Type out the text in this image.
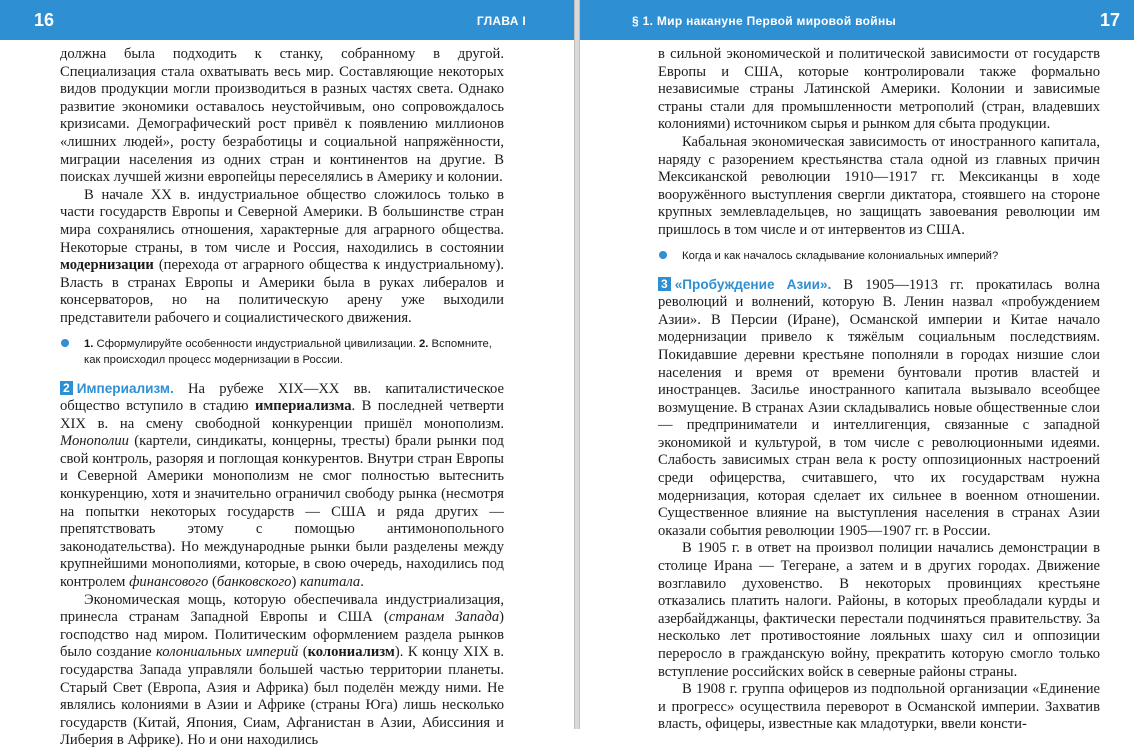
16	ГЛАВА I

должна была подходить к станку, собранному в другой. Специализация стала охватывать весь мир. Составляющие некоторых видов продукции могли производиться в разных частях света. Однако развитие экономики оставалось неустойчивым, оно сопровождалось кризисами. Демографический рост привёл к появлению миллионов «лишних людей», росту безработицы и социальной напряжённости, миграции населения из одних стран и континентов на другие. В поисках лучшей жизни европейцы переселялись в Америку и колонии.

В начале XX в. индустриальное общество сложилось только в части государств Европы и Северной Америки. В большинстве стран мира сохранялись отношения, характерные для аграрного общества. Некоторые страны, в том числе и Россия, находились в состоянии модернизации (перехода от аграрного общества к индустриальному). Власть в странах Европы и Америки была в руках либералов и консерваторов, но на политическую арену уже выходили представители рабочего и социалистического движения.

1. Сформулируйте особенности индустриальной цивилизации. 2. Вспомните, как происходил процесс модернизации в России.

2 Империализм. На рубеже XIX—XX вв. капиталистическое общество вступило в стадию империализма. В последней четверти XIX в. на смену свободной конкуренции пришёл монополизм. Монополии (картели, синдикаты, концерны, тресты) брали рынки под свой контроль, разоряя и поглощая конкурентов. Внутри стран Европы и Северной Америки монополизм не смог полностью вытеснить конкуренцию, хотя и значительно ограничил свободу рынка (несмотря на попытки некоторых государств — США и ряда других — препятствовать этому с помощью антимонопольного законодательства). Но международные рынки были разделены между крупнейшими монополиями, которые, в свою очередь, находились под контролем финансового (банковского) капитала.

Экономическая мощь, которую обеспечивала индустриализация, принесла странам Западной Европы и США (странам Запада) господство над миром. Политическим оформлением раздела рынков было создание колониальных империй (колониализм). К концу XIX в. государства Запада управляли большей частью территории планеты. Старый Свет (Европа, Азия и Африка) был поделён между ними. Не являлись колониями в Азии и Африке (страны Юга) лишь несколько государств (Китай, Япония, Сиам, Афганистан в Азии, Абиссиния и Либерия в Африке). Но и они находились

§ 1. Мир накануне Первой мировой войны	17

в сильной экономической и политической зависимости от государств Европы и США, которые контролировали также формально независимые страны Латинской Америки. Колонии и зависимые страны стали для промышленности метрополий (стран, владевших колониями) источником сырья и рынком для сбыта продукции.

Кабальная экономическая зависимость от иностранного капитала, наряду с разорением крестьянства стала одной из главных причин Мексиканской революции 1910—1917 гг. Мексиканцы в ходе вооружённого выступления свергли диктатора, стоявшего на стороне крупных землевладельцев, но защищать завоевания революции им пришлось в том числе и от интервентов из США.

Когда и как началось складывание колониальных империй?

3 «Пробуждение Азии». В 1905—1913 гг. прокатилась волна революций и волнений, которую В. Ленин назвал «пробуждением Азии». В Персии (Иране), Османской империи и Китае начало модернизации привело к тяжёлым социальным последствиям. Покидавшие деревни крестьяне пополняли в городах низшие слои населения и время от времени бунтовали против властей и иностранцев. Засилье иностранного капитала вызывало всеобщее возмущение. В странах Азии складывались новые общественные слои — предприниматели и интеллигенция, связанные с западной экономикой и культурой, в том числе с революционными идеями. Слабость зависимых стран вела к росту оппозиционных настроений среди офицерства, считавшего, что их государствам нужна модернизация, которая сделает их сильнее в военном отношении. Существенное влияние на выступления населения в странах Азии оказали события революции 1905—1907 гг. в России.

В 1905 г. в ответ на произвол полиции начались демонстрации в столице Ирана — Тегеране, а затем и в других городах. Движение возглавило духовенство. В некоторых провинциях крестьяне отказались платить налоги. Районы, в которых преобладали курды и азербайджанцы, фактически перестали подчиняться правительству. За несколько лет противостояние лояльных шаху сил и оппозиции переросло в гражданскую войну, прекратить которую смогло только вступление российских войск в северные районы страны.

В 1908 г. группа офицеров из подпольной организации «Единение и прогресс» осуществила переворот в Османской империи. Захватив власть, офицеры, известные как младотурки, ввели консти-
